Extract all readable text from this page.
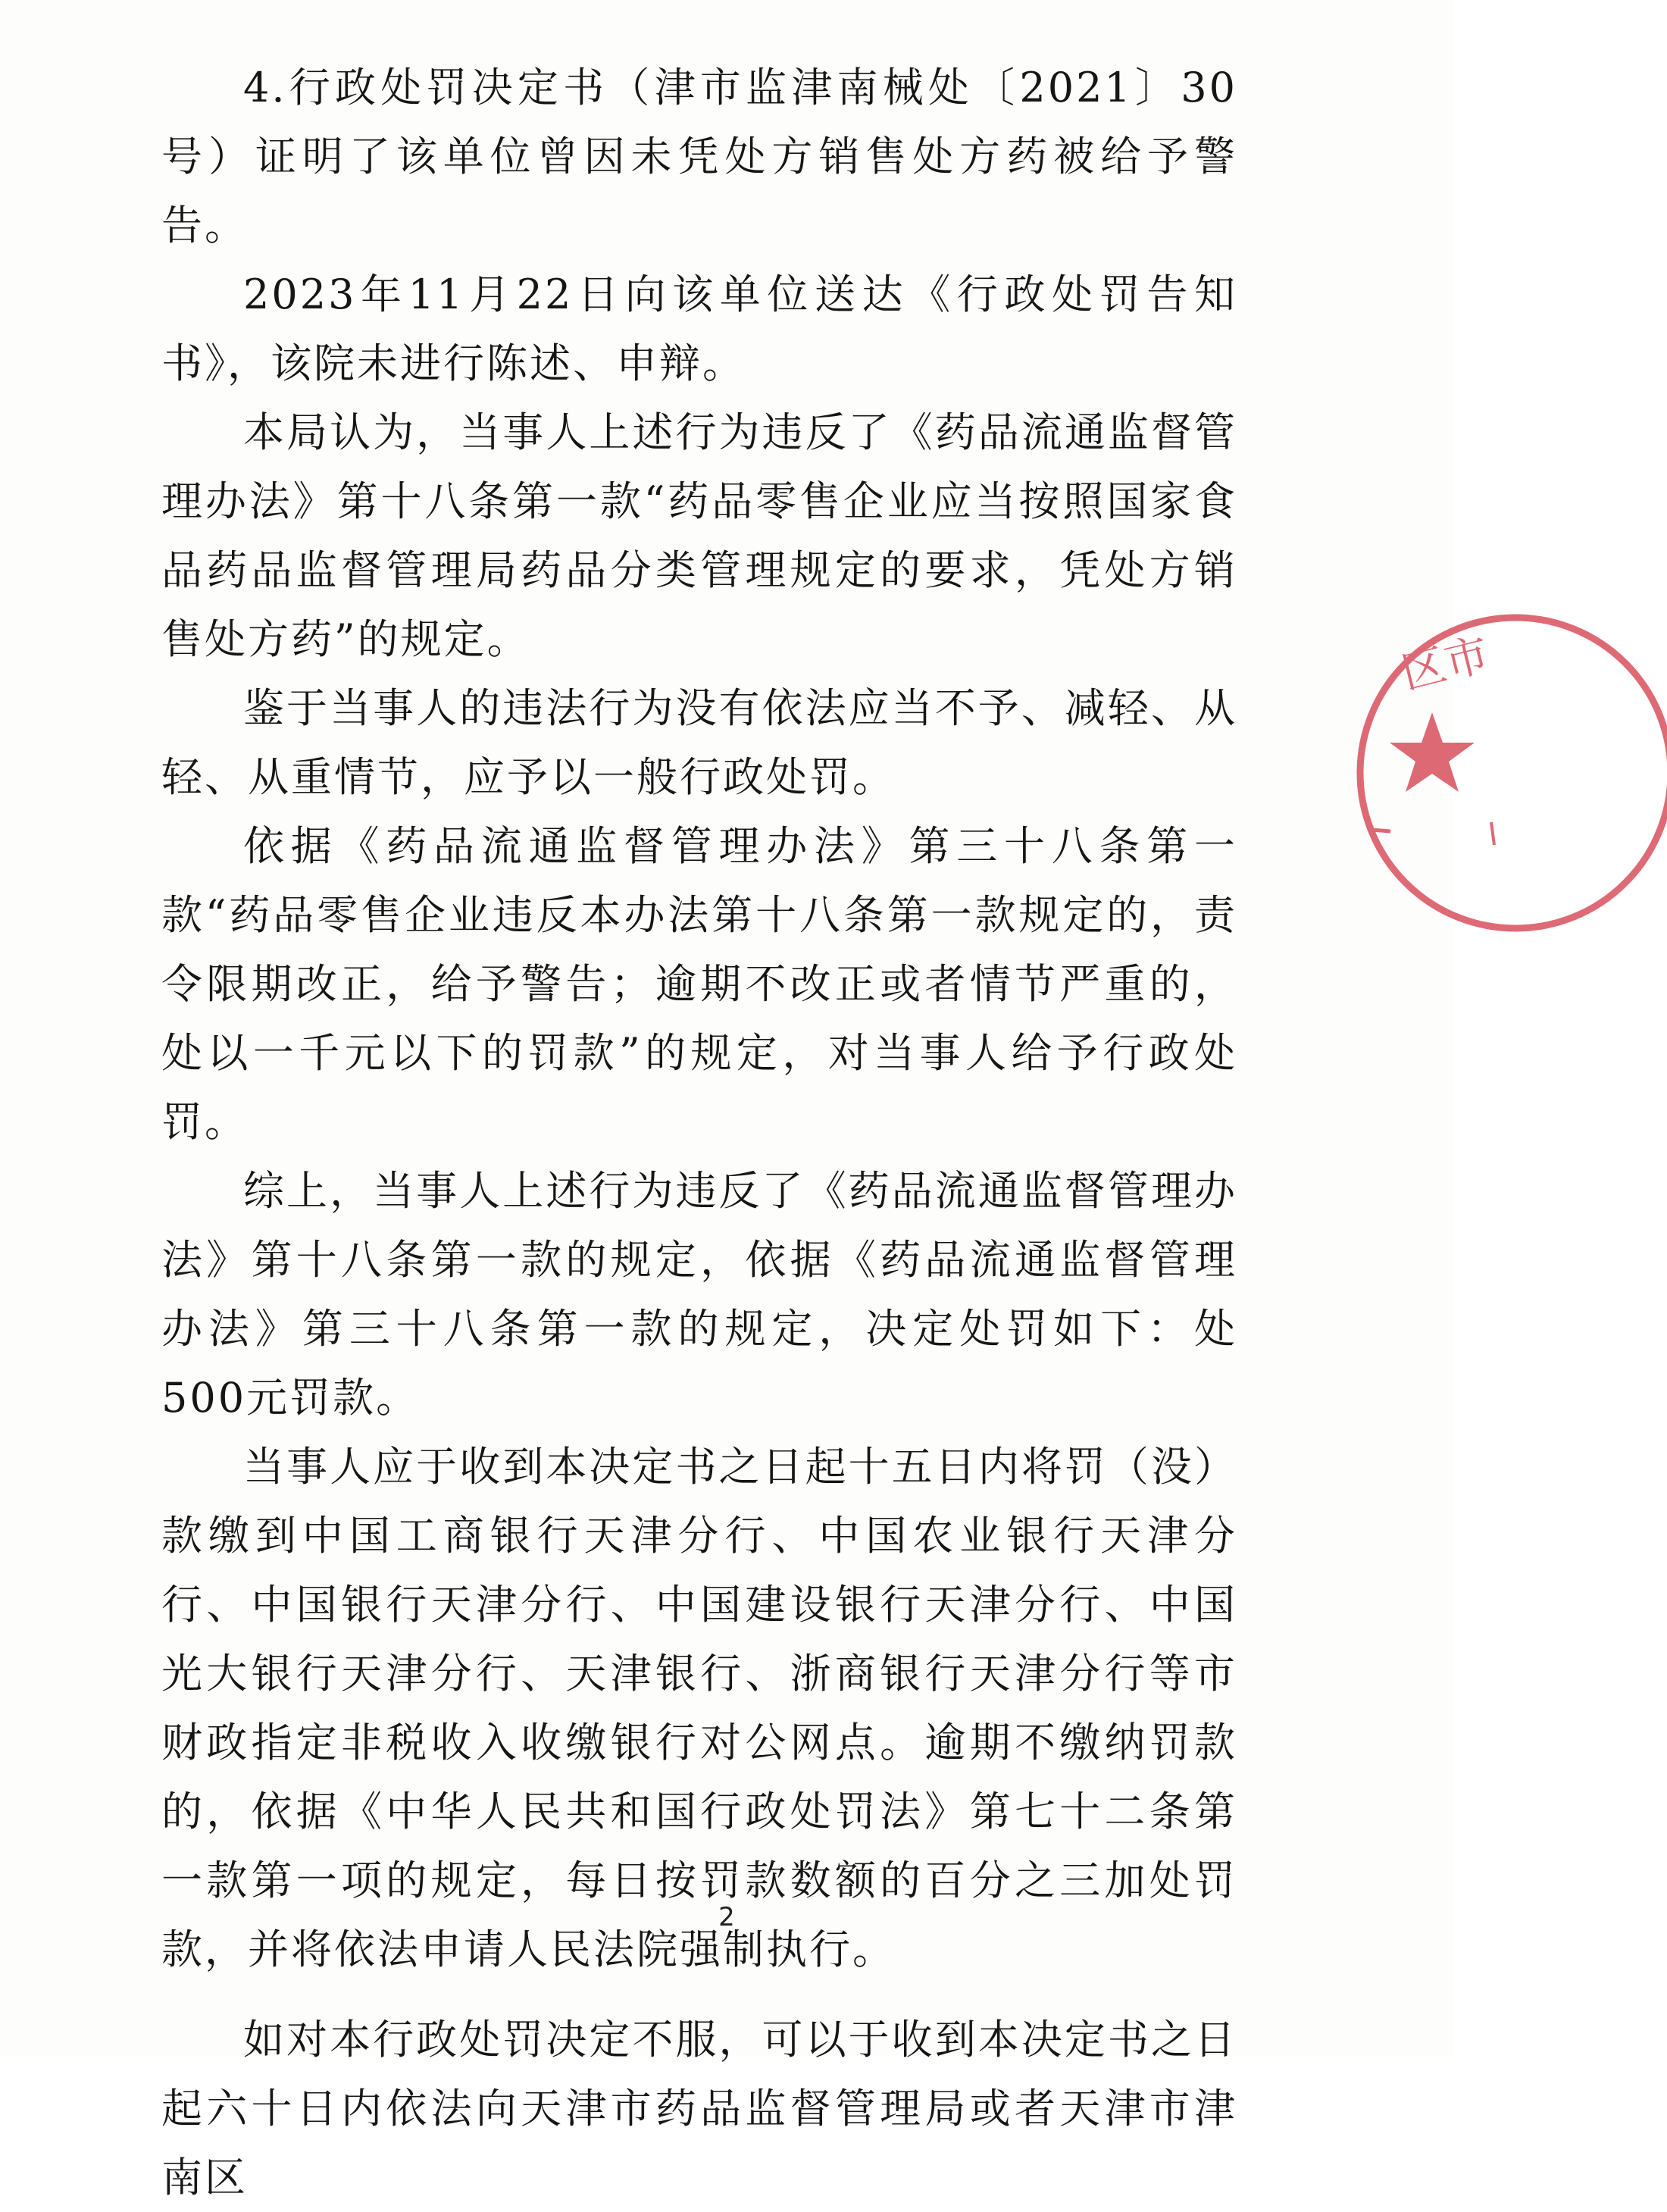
4.行政处罚决定书（津市监津南械处〔2021〕30号）证明了该单位曾因未凭处方销售处方药被给予警告。

2023年11月22日向该单位送达《行政处罚告知书》，该院未进行陈述、申辩。

本局认为，当事人上述行为违反了《药品流通监督管理办法》第十八条第一款“药品零售企业应当按照国家食品药品监督管理局药品分类管理规定的要求，凭处方销售处方药”的规定。

鉴于当事人的违法行为没有依法应当不予、减轻、从轻、从重情节，应予以一般行政处罚。

依据《药品流通监督管理办法》第三十八条第一款“药品零售企业违反本办法第十八条第一款规定的，责令限期改正，给予警告；逾期不改正或者情节严重的，处以一千元以下的罚款”的规定，对当事人给予行政处罚。

综上，当事人上述行为违反了《药品流通监督管理办法》第十八条第一款的规定，依据《药品流通监督管理办法》第三十八条第一款的规定，决定处罚如下：处500元罚款。

当事人应于收到本决定书之日起十五日内将罚（没）款缴到中国工商银行天津分行、中国农业银行天津分行、中国银行天津分行、中国建设银行天津分行、中国光大银行天津分行、天津银行、浙商银行天津分行等市财政指定非税收入收缴银行对公网点。逾期不缴纳罚款的，依据《中华人民共和国行政处罚法》第七十二条第一款第一项的规定，每日按罚款数额的百分之三加处罚款，并将依法申请人民法院强制执行。

如对本行政处罚决定不服，可以于收到本决定书之日起六十日内依法向天津市药品监督管理局或者天津市津南区

区市
2
